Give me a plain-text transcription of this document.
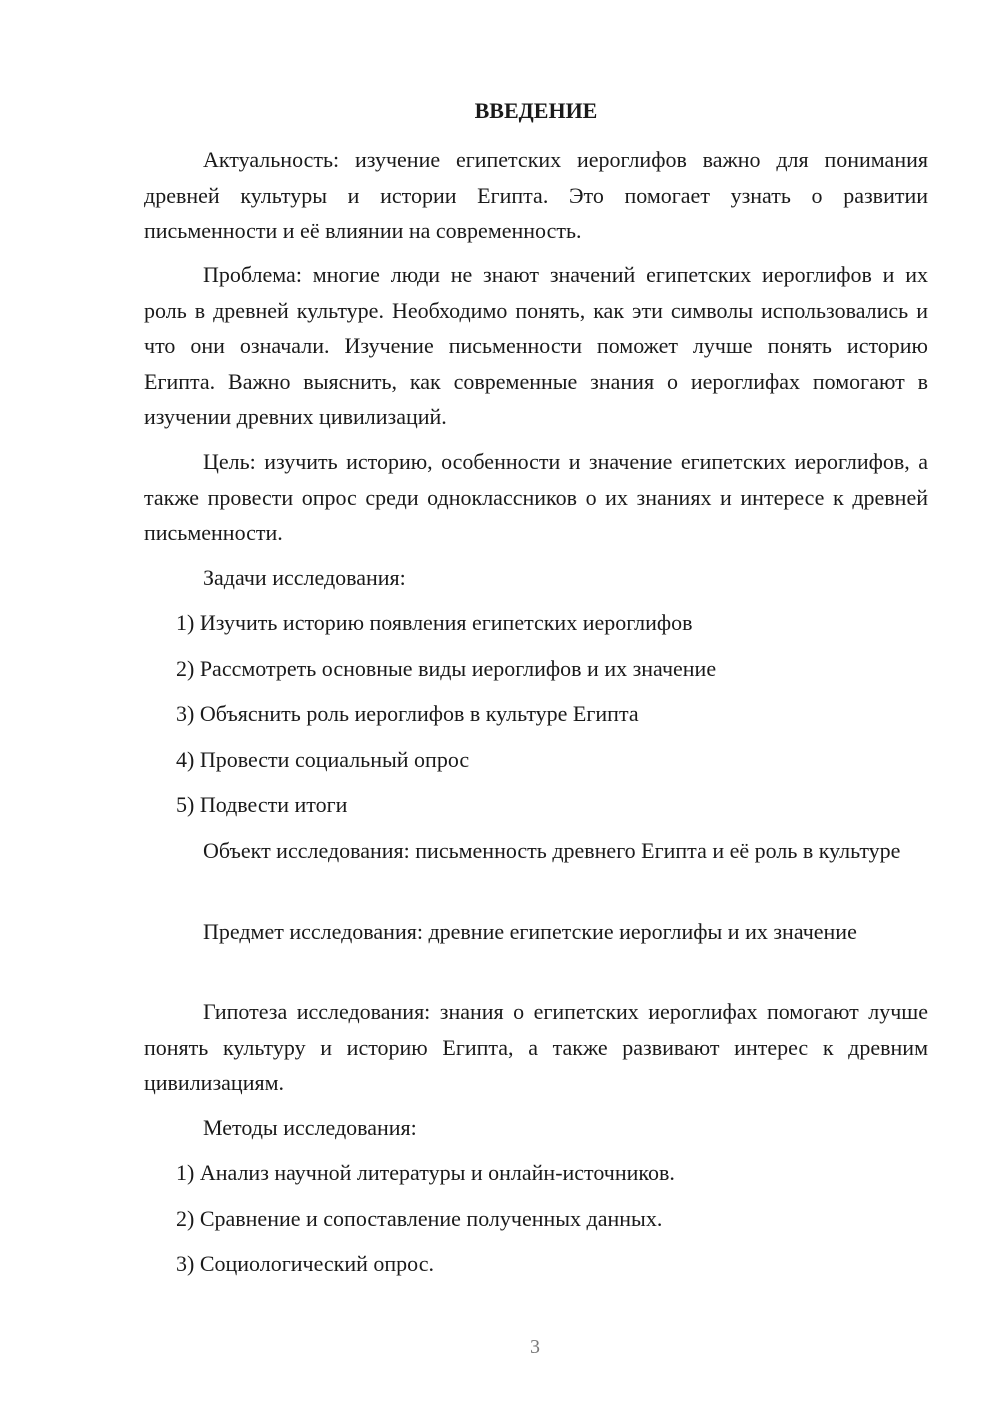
ВВЕДЕНИЕ

Актуальность: изучение египетских иероглифов важно для понимания древней культуры и истории Египта. Это помогает узнать о развитии письменности и её влиянии на современность.

Проблема: многие люди не знают значений египетских иероглифов и их роль в древней культуре. Необходимо понять, как эти символы использовались и что они означали. Изучение письменности поможет лучше понять историю Египта. Важно выяснить, как современные знания о иероглифах помогают в изучении древних цивилизаций.

Цель: изучить историю, особенности и значение египетских иероглифов, а также провести опрос среди одноклассников о их знаниях и интересе к древней письменности.

Задачи исследования:

1) Изучить историю появления египетских иероглифов

2) Рассмотреть основные виды иероглифов и их значение

3) Объяснить роль иероглифов в культуре Египта

4) Провести социальный опрос

5) Подвести итоги

Объект исследования: письменность древнего Египта и её роль в культуре

Предмет исследования: древние египетские иероглифы и их значение

Гипотеза исследования: знания о египетских иероглифах помогают лучше понять культуру и историю Египта, а также развивают интерес к древним цивилизациям.

Методы исследования:

1) Анализ научной литературы и онлайн-источников.

2) Сравнение и сопоставление полученных данных.

3) Социологический опрос.

3
